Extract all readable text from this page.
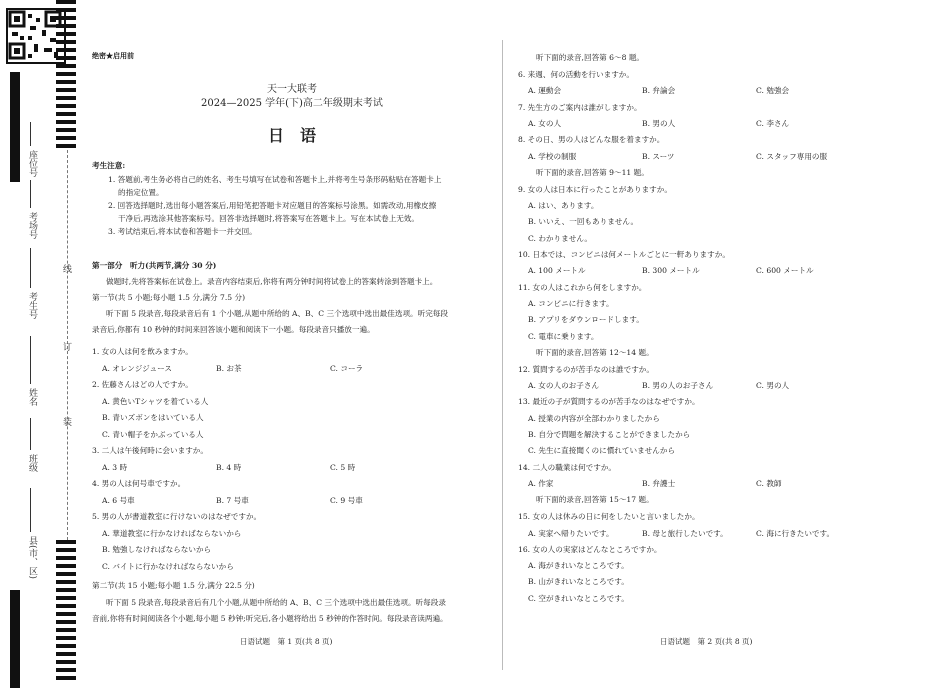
线
订
装
座位号
考场号
考生号
姓名
班级
县(市、区)
绝密★启用前
天一大联考
2024—2025 学年(下)高二年级期末考试
日　语
考生注意:
第一部分　听力(共两节,满分 30 分)
做题时,先将答案标在试卷上。录音内容结束后,你将有两分钟时间将试卷上的答案转涂到答题卡上。
第一节(共 5 小题;每小题 1.5 分,满分 7.5 分)
听下面 5 段录音,每段录音后有 1 个小题,从题中所给的 A、B、C 三个选项中选出最佳选项。听完每段
录音后,你都有 10 秒钟的时间来回答该小题和阅读下一小题。每段录音只播放一遍。
第二节(共 15 小题;每小题 1.5 分,满分 22.5 分)
听下面 5 段录音,每段录音后有几个小题,从题中所给的 A、B、C 三个选项中选出最佳选项。听每段录
音前,你将有时间阅读各个小题,每小题 5 秒钟;听完后,各小题将给出 5 秒钟的作答时间。每段录音读两遍。
1. 答题前,考生务必将自己的姓名、考生号填写在试卷和答题卡上,并将考生号条形码粘贴在答题卡上
　 的指定位置。
2. 回答选择题时,选出每小题答案后,用铅笔把答题卡对应题目的答案标号涂黑。如需改动,用橡皮擦
　 干净后,再选涂其他答案标号。回答非选择题时,将答案写在答题卡上。写在本试卷上无效。
3. 考试结束后,将本试卷和答题卡一并交回。
1. 女の人は何を飲みますか。
A. オレンジジュース	B. お茶	C. コーラ
2. 佐藤さんはどの人ですか。
A. 黄色いTシャツを着ている人
B. 青いズボンをはいている人
C. 青い帽子をかぶっている人
3. 二人は午後何時に会いますか。
A. 3 時	B. 4 時	C. 5 時
4. 男の人は何号車ですか。
A. 6 号車	B. 7 号車	C. 9 号車
5. 男の人が書道教室に行けないのはなぜですか。
A. 華道教室に行かなければならないから
B. 勉強しなければならないから
C. バイトに行かなければならないから
听下面的录音,回答第 6～8 题。
6. 来週、何の活動を行いますか。
A. 運動会	B. 弁論会	C. 勉強会
7. 先生方のご案内は誰がしますか。
A. 女の人	B. 男の人	C. 李さん
8. その日、男の人はどんな服を着ますか。
A. 学校の制服	B. スーツ	C. スタッフ専用の服
听下面的录音,回答第 9～11 题。
9. 女の人は日本に行ったことがありますか。
A. はい、あります。
B. いいえ、一回もありません。
C. わかりません。
10. 日本では、コンビニは何メートルごとに一軒ありますか。
A. 100 メートル	B. 300 メートル	C. 600 メートル
11. 女の人はこれから何をしますか。
A. コンビニに行きます。
B. アプリをダウンロードします。
C. 電車に乗ります。
听下面的录音,回答第 12～14 题。
12. 質問するのが苦手なのは誰ですか。
A. 女の人のお子さん	B. 男の人のお子さん	C. 男の人
13. 最近の子が質問するのが苦手なのはなぜですか。
A. 授業の内容が全部わかりましたから
B. 自分で問題を解決することができましたから
C. 先生に直接聞くのに慣れていませんから
14. 二人の職業は何ですか。
A. 作家	B. 弁護士	C. 教師
听下面的录音,回答第 15～17 题。
15. 女の人は休みの日に何をしたいと言いましたか。
A. 実家へ帰りたいです。	B. 母と旅行したいです。	C. 海に行きたいです。
16. 女の人の実家はどんなところですか。
A. 海がきれいなところです。
B. 山がきれいなところです。
C. 空がきれいなところです。
日语试题　第 1 页(共 8 页)	日语试题　第 2 页(共 8 页)
